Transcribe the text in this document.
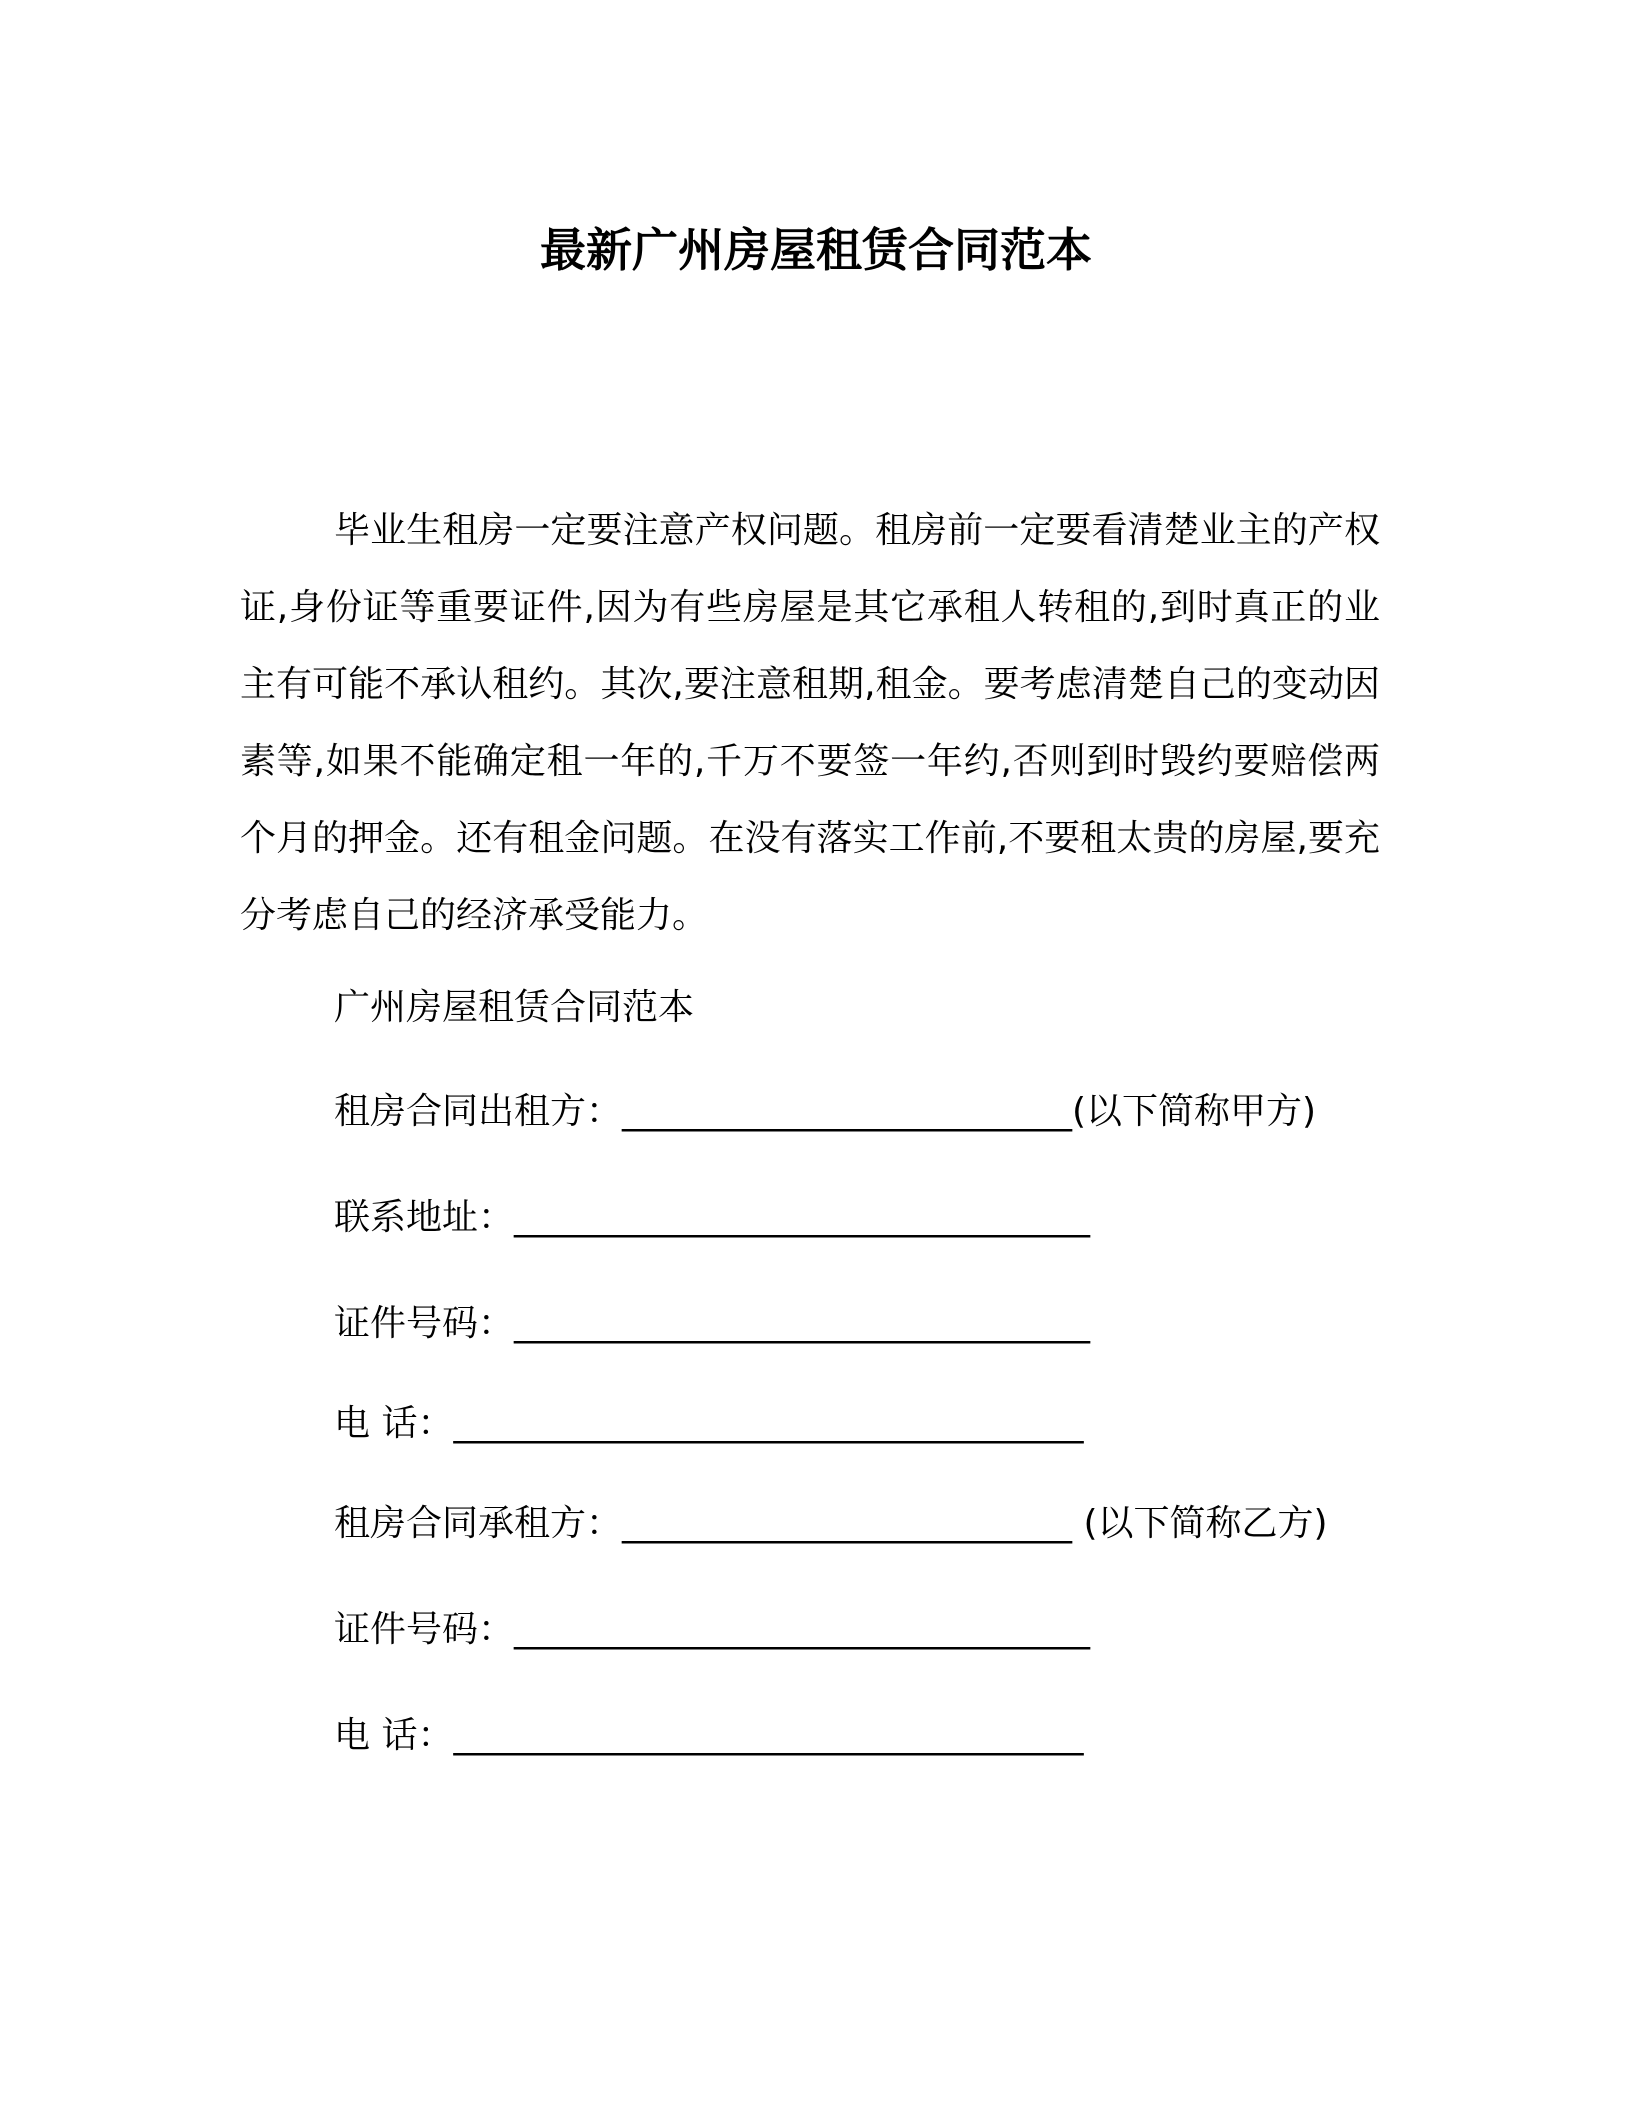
最新广州房屋租赁合同范本

毕业生租房一定要注意产权问题。租房前一定要看清楚业主的产权证,身份证等重要证件,因为有些房屋是其它承租人转租的,到时真正的业主有可能不承认租约。其次,要注意租期,租金。要考虑清楚自己的变动因素等,如果不能确定租一年的,千万不要签一年约,否则到时毁约要赔偿两个月的押金。还有租金问题。在没有落实工作前,不要租太贵的房屋,要充分考虑自己的经济承受能力。

广州房屋租赁合同范本

租房合同出租方：_________________________(以下简称甲方)

联系地址：________________________________

证件号码：________________________________

电 话：___________________________________

租房合同承租方：_________________________ (以下简称乙方)

证件号码：________________________________

电 话：___________________________________
